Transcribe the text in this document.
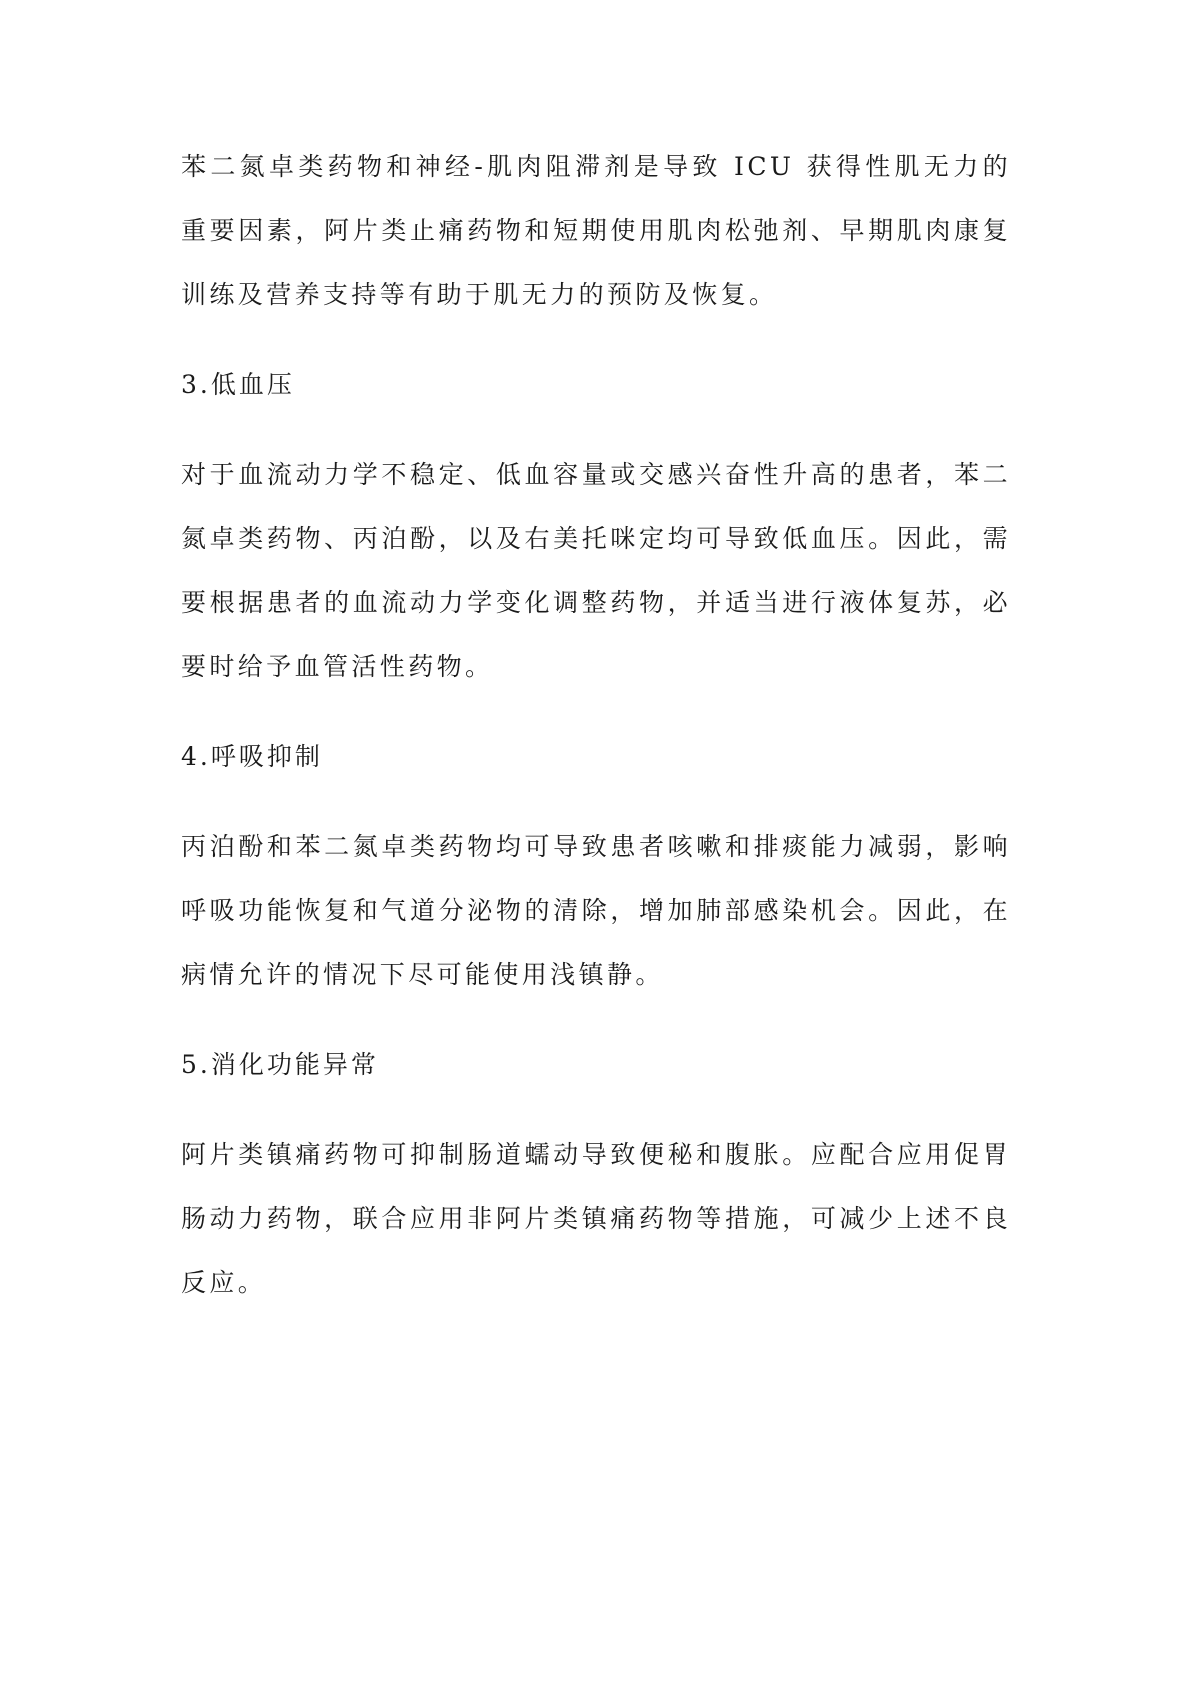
苯二氮卓类药物和神经-肌肉阻滞剂是导致 ICU 获得性肌无力的重要因素，阿片类止痛药物和短期使用肌肉松弛剂、早期肌肉康复训练及营养支持等有助于肌无力的预防及恢复。

3.低血压

对于血流动力学不稳定、低血容量或交感兴奋性升高的患者，苯二氮卓类药物、丙泊酚，以及右美托咪定均可导致低血压。因此，需要根据患者的血流动力学变化调整药物，并适当进行液体复苏，必要时给予血管活性药物。

4.呼吸抑制

丙泊酚和苯二氮卓类药物均可导致患者咳嗽和排痰能力减弱，影响呼吸功能恢复和气道分泌物的清除，增加肺部感染机会。因此，在病情允许的情况下尽可能使用浅镇静。

5.消化功能异常

阿片类镇痛药物可抑制肠道蠕动导致便秘和腹胀。应配合应用促胃肠动力药物，联合应用非阿片类镇痛药物等措施，可减少上述不良反应。
